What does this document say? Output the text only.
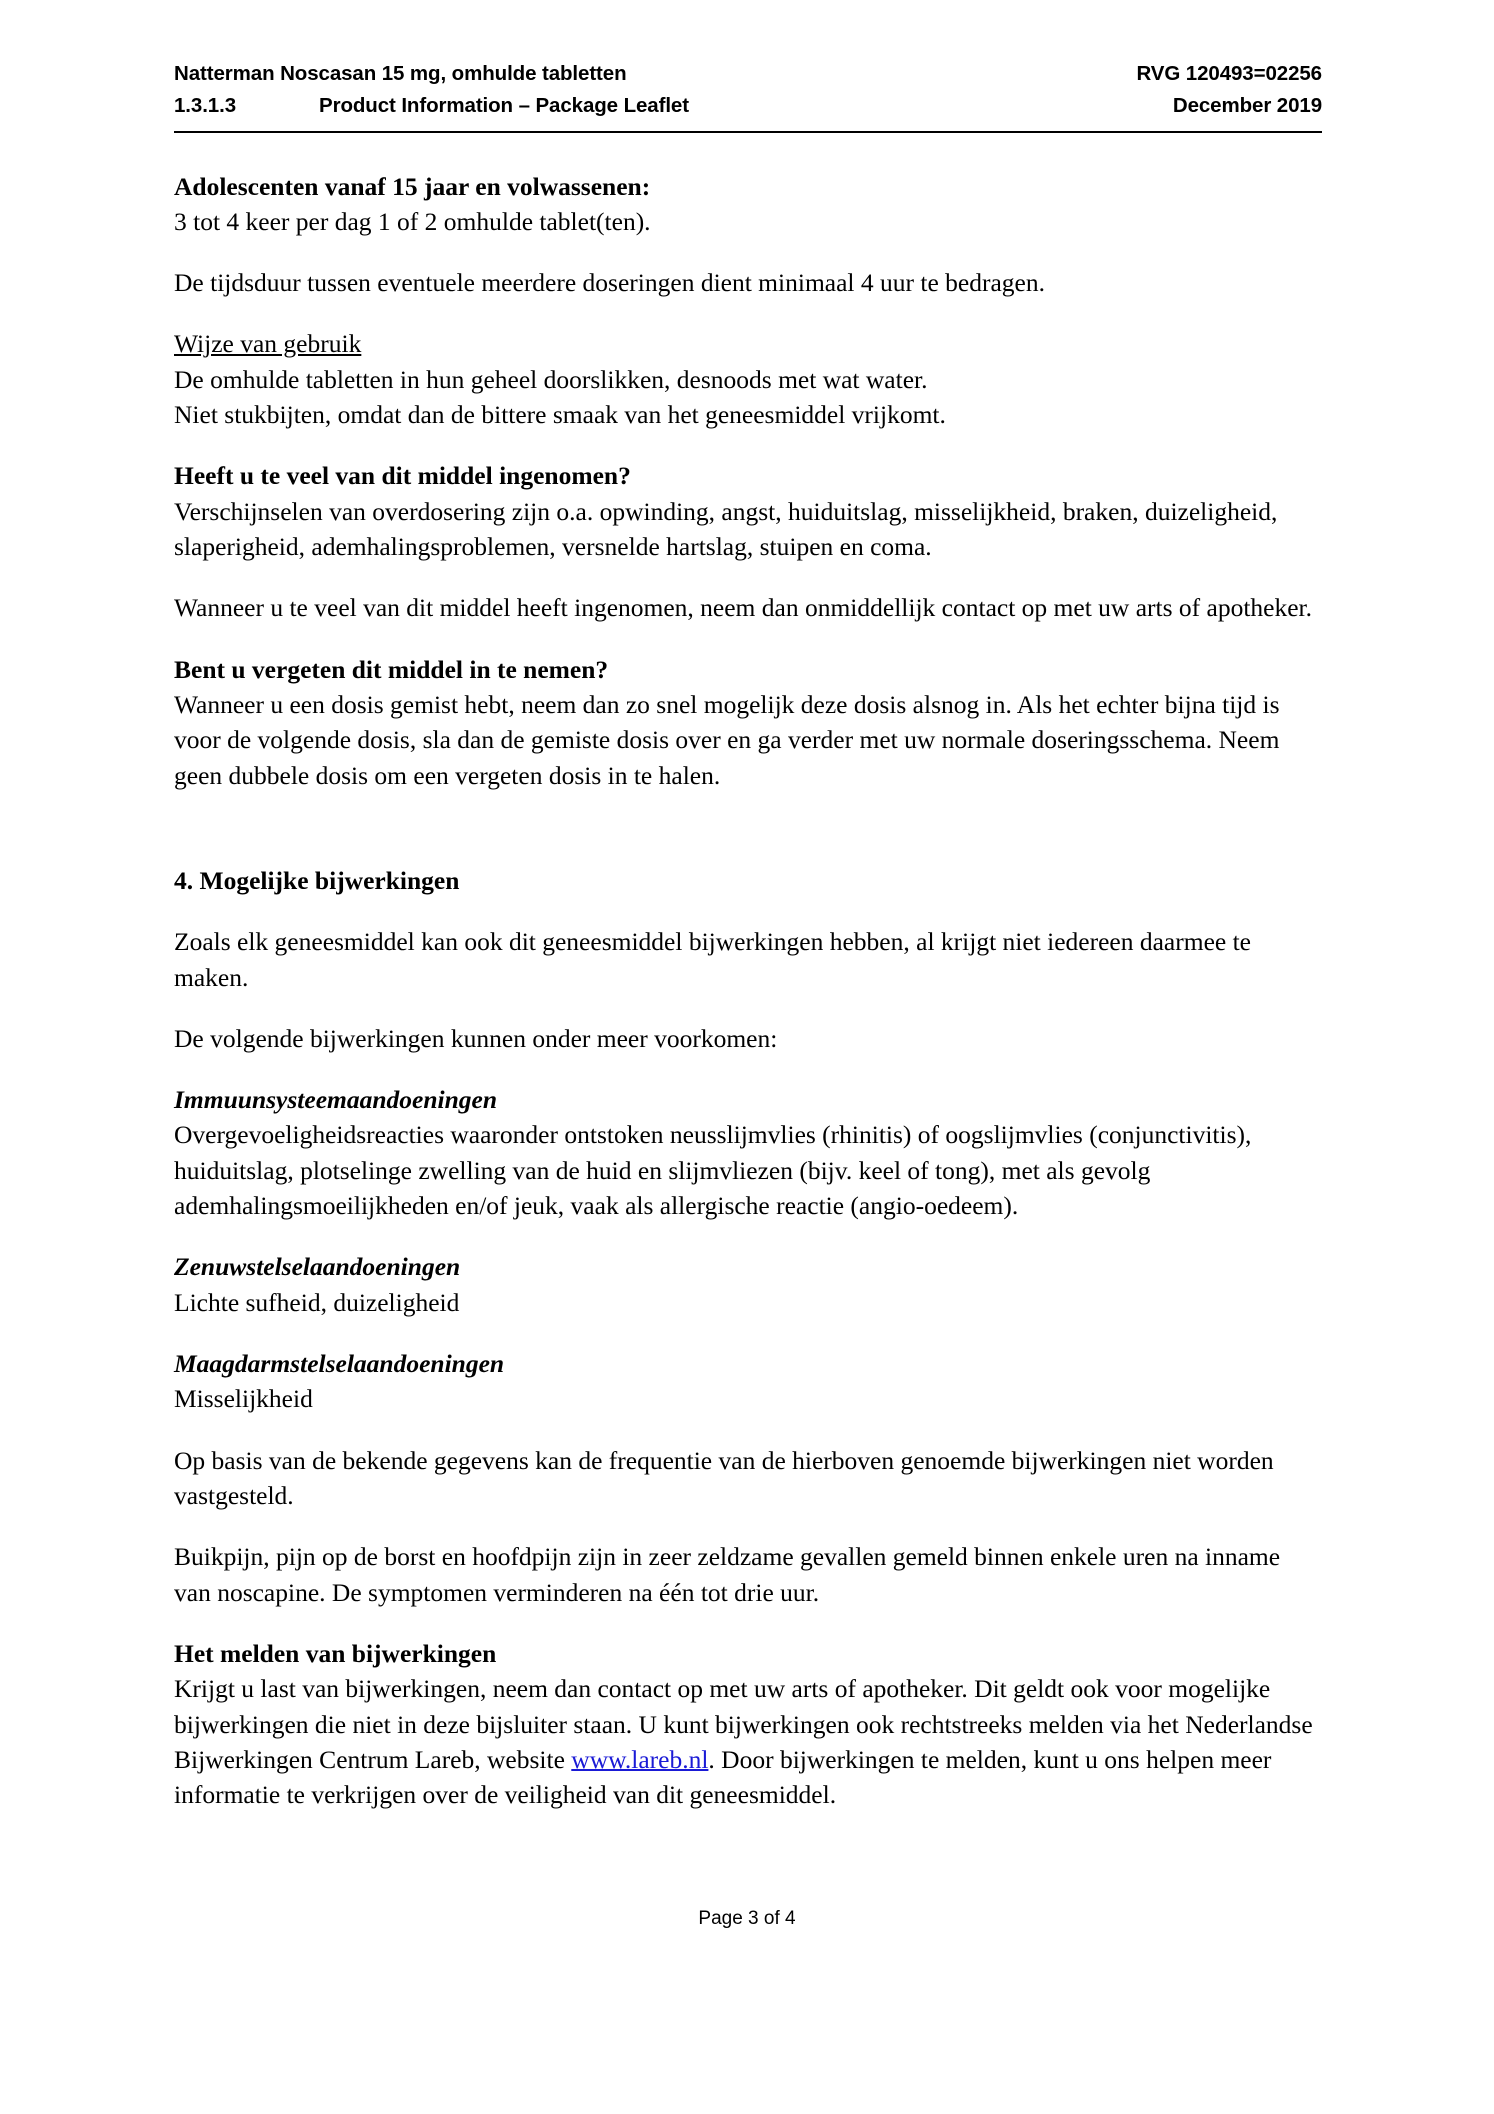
Natterman Noscasan 15 mg, omhulde tabletten	RVG 120493=02256
1.3.1.3	Product Information – Package Leaflet	December 2019

Adolescenten vanaf 15 jaar en volwassenen:

3 tot 4 keer per dag 1 of 2 omhulde tablet(ten).

De tijdsduur tussen eventuele meerdere doseringen dient minimaal 4 uur te bedragen.

Wijze van gebruik

De omhulde tabletten in hun geheel doorslikken, desnoods met wat water.

Niet stukbijten, omdat dan de bittere smaak van het geneesmiddel vrijkomt.

Heeft u te veel van dit middel ingenomen?

Verschijnselen van overdosering zijn o.a. opwinding, angst, huiduitslag, misselijkheid, braken, duizeligheid, slaperigheid, ademhalingsproblemen, versnelde hartslag, stuipen en coma.

Wanneer u te veel van dit middel heeft ingenomen, neem dan onmiddellijk contact op met uw arts of apotheker.

Bent u vergeten dit middel in te nemen?

Wanneer u een dosis gemist hebt, neem dan zo snel mogelijk deze dosis alsnog in. Als het echter bijna tijd is voor de volgende dosis, sla dan de gemiste dosis over en ga verder met uw normale doseringsschema. Neem geen dubbele dosis om een vergeten dosis in te halen.

4. Mogelijke bijwerkingen

Zoals elk geneesmiddel kan ook dit geneesmiddel bijwerkingen hebben, al krijgt niet iedereen daarmee te maken.

De volgende bijwerkingen kunnen onder meer voorkomen:

Immuunsysteemaandoeningen

Overgevoeligheidsreacties waaronder ontstoken neusslijmvlies (rhinitis) of oogslijmvlies (conjunctivitis), huiduitslag, plotselinge zwelling van de huid en slijmvliezen (bijv. keel of tong), met als gevolg ademhalingsmoeilijkheden en/of jeuk, vaak als allergische reactie (angio-oedeem).

Zenuwstelselaandoeningen

Lichte sufheid, duizeligheid

Maagdarmstelselaandoeningen

Misselijkheid

Op basis van de bekende gegevens kan de frequentie van de hierboven genoemde bijwerkingen niet worden vastgesteld.

Buikpijn, pijn op de borst en hoofdpijn zijn in zeer zeldzame gevallen gemeld binnen enkele uren na inname van noscapine. De symptomen verminderen na één tot drie uur.

Het melden van bijwerkingen

Krijgt u last van bijwerkingen, neem dan contact op met uw arts of apotheker. Dit geldt ook voor mogelijke bijwerkingen die niet in deze bijsluiter staan. U kunt bijwerkingen ook rechtstreeks melden via het Nederlandse Bijwerkingen Centrum Lareb, website www.lareb.nl. Door bijwerkingen te melden, kunt u ons helpen meer informatie te verkrijgen over de veiligheid van dit geneesmiddel.

Page 3 of 4
